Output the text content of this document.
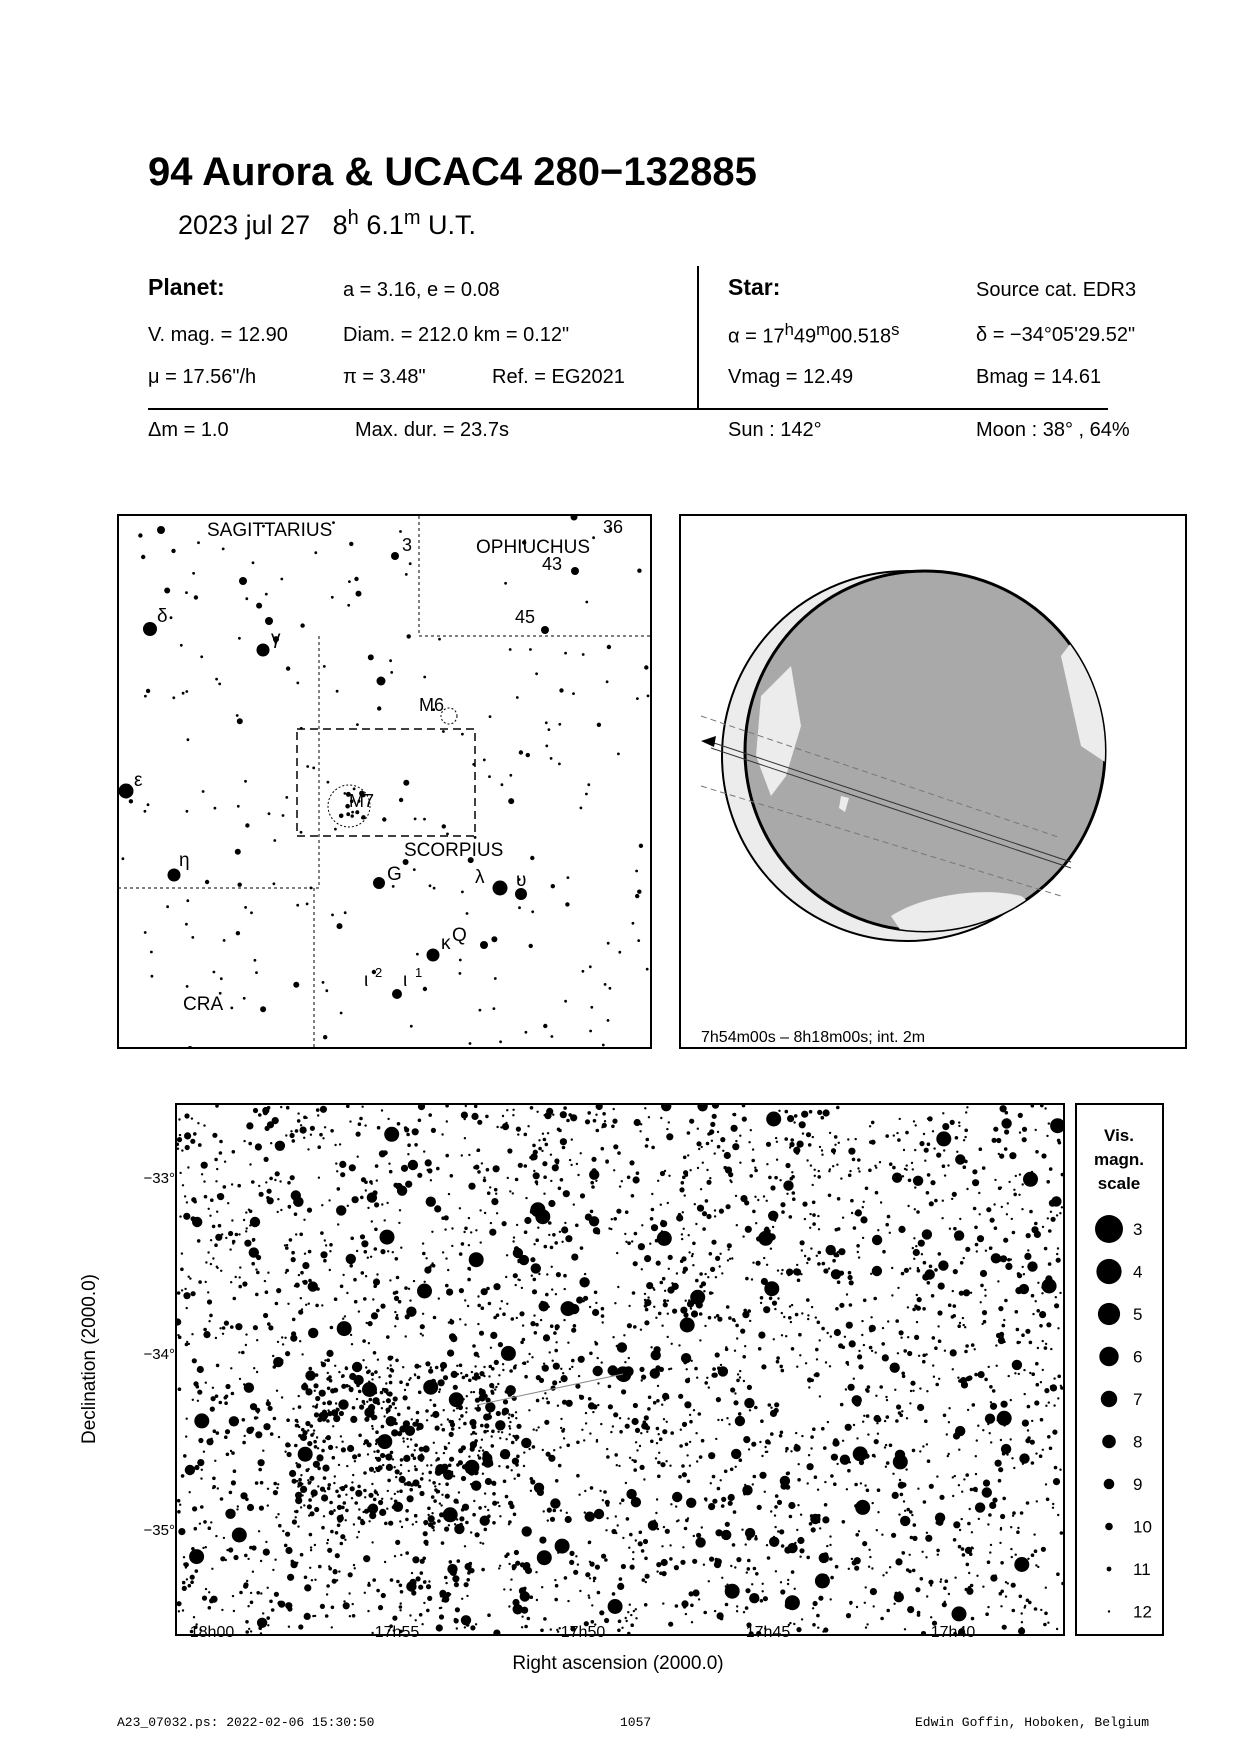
94 Aurora & UCAC4 280−132885
2023 jul 27 8$^h$ 6.1$^m$ U.T.
Planet:	a = 3.16, e = 0.08
V. mag. = 12.90	Diam. = 212.0 km = 0.12"
μ = 17.56"/h	π = 3.48"	Ref. = EG2021
Star:	Source cat. EDR3
$\alpha = 17^h49^m00.518^s$	δ = −34°05'29.52"
Vmag = 12.49	Bmag = 14.61
Δm = 1.0	Max. dur. = 23.7s	Sun : 142°	Moon : 38° , 64%
SAGITTARIUS
OPHIUCHUS
SCORPIUS
CRA
M6
M7
3
36
43
45
δ
γ
ε
η
G	λ υ
κ Q
ι 2 ι 1
7h54m00s – 8h18m00s; int. 2m
−33°
−34°
−35°
18h00	17h55	17h50	17h45	17h40
Right ascension (2000.0)
Declination (2000.0)
Vis.
magn.
scale
3
4
5
6
7
8
9
10
11
12
A23_07032.ps: 2022-02-06 15:30:50	1057	Edwin Goffin, Hoboken, Belgium
